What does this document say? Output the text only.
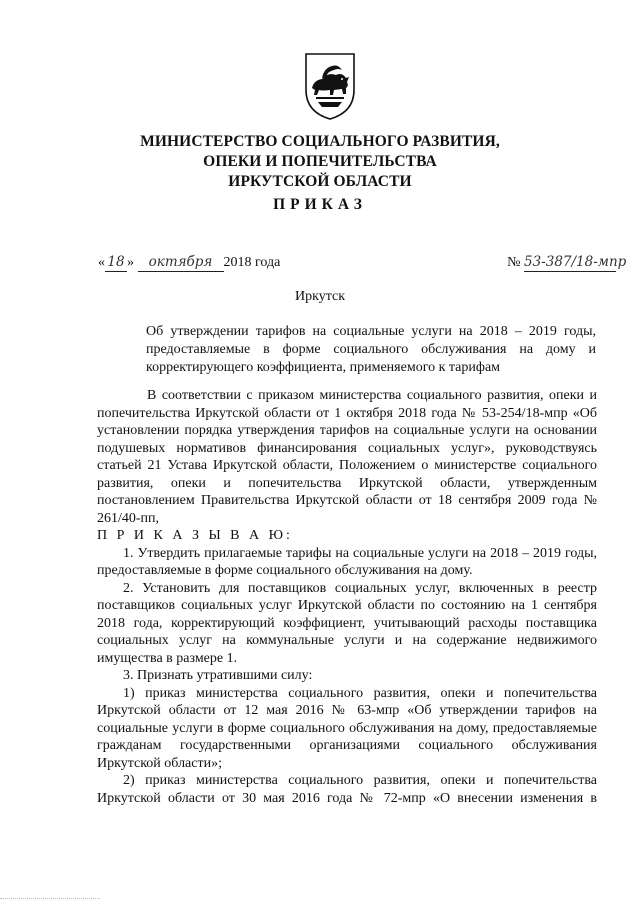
МИНИСТЕРСТВО СОЦИАЛЬНОГО РАЗВИТИЯ,
ОПЕКИ И ПОПЕЧИТЕЛЬСТВА
ИРКУТСКОЙ ОБЛАСТИ
ПРИКАЗ
« 18 » октября 2018 года	№ 53-387/18-мпр
Иркутск
Об утверждении тарифов на социальные услуги на 2018 – 2019 годы, предоставляемые в форме социального обслуживания на дому и корректирующего коэффициента, применяемого к тарифам

В соответствии с приказом министерства социального развития, опеки и попечительства Иркутской области от 1 октября 2018 года № 53-254/18-мпр «Об установлении порядка утверждения тарифов на социальные услуги на основании подушевых нормативов финансирования социальных услуг», руководствуясь статьей 21 Устава Иркутской области, Положением о министерстве социального развития, опеки и попечительства Иркутской области, утвержденным постановлением Правительства Иркутской области от 18 сентября 2009 года № 261/40-пп,

П Р И К А З Ы В А Ю:

1. Утвердить прилагаемые тарифы на социальные услуги на 2018 – 2019 годы, предоставляемые в форме социального обслуживания на дому.

2. Установить для поставщиков социальных услуг, включенных в реестр поставщиков социальных услуг Иркутской области по состоянию на 1 сентября 2018 года, корректирующий коэффициент, учитывающий расходы поставщика социальных услуг на коммунальные услуги и на содержание недвижимого имущества в размере 1.

3. Признать утратившими силу:

1) приказ министерства социального развития, опеки и попечительства Иркутской области от 12 мая 2016 № 63-мпр «Об утверждении тарифов на социальные услуги в форме социального обслуживания на дому, предоставляемые гражданам государственными организациями социального обслуживания Иркутской области»;

2) приказ министерства социального развития, опеки и попечительства Иркутской области от 30 мая 2016 года № 72-мпр «О внесении изменения в
